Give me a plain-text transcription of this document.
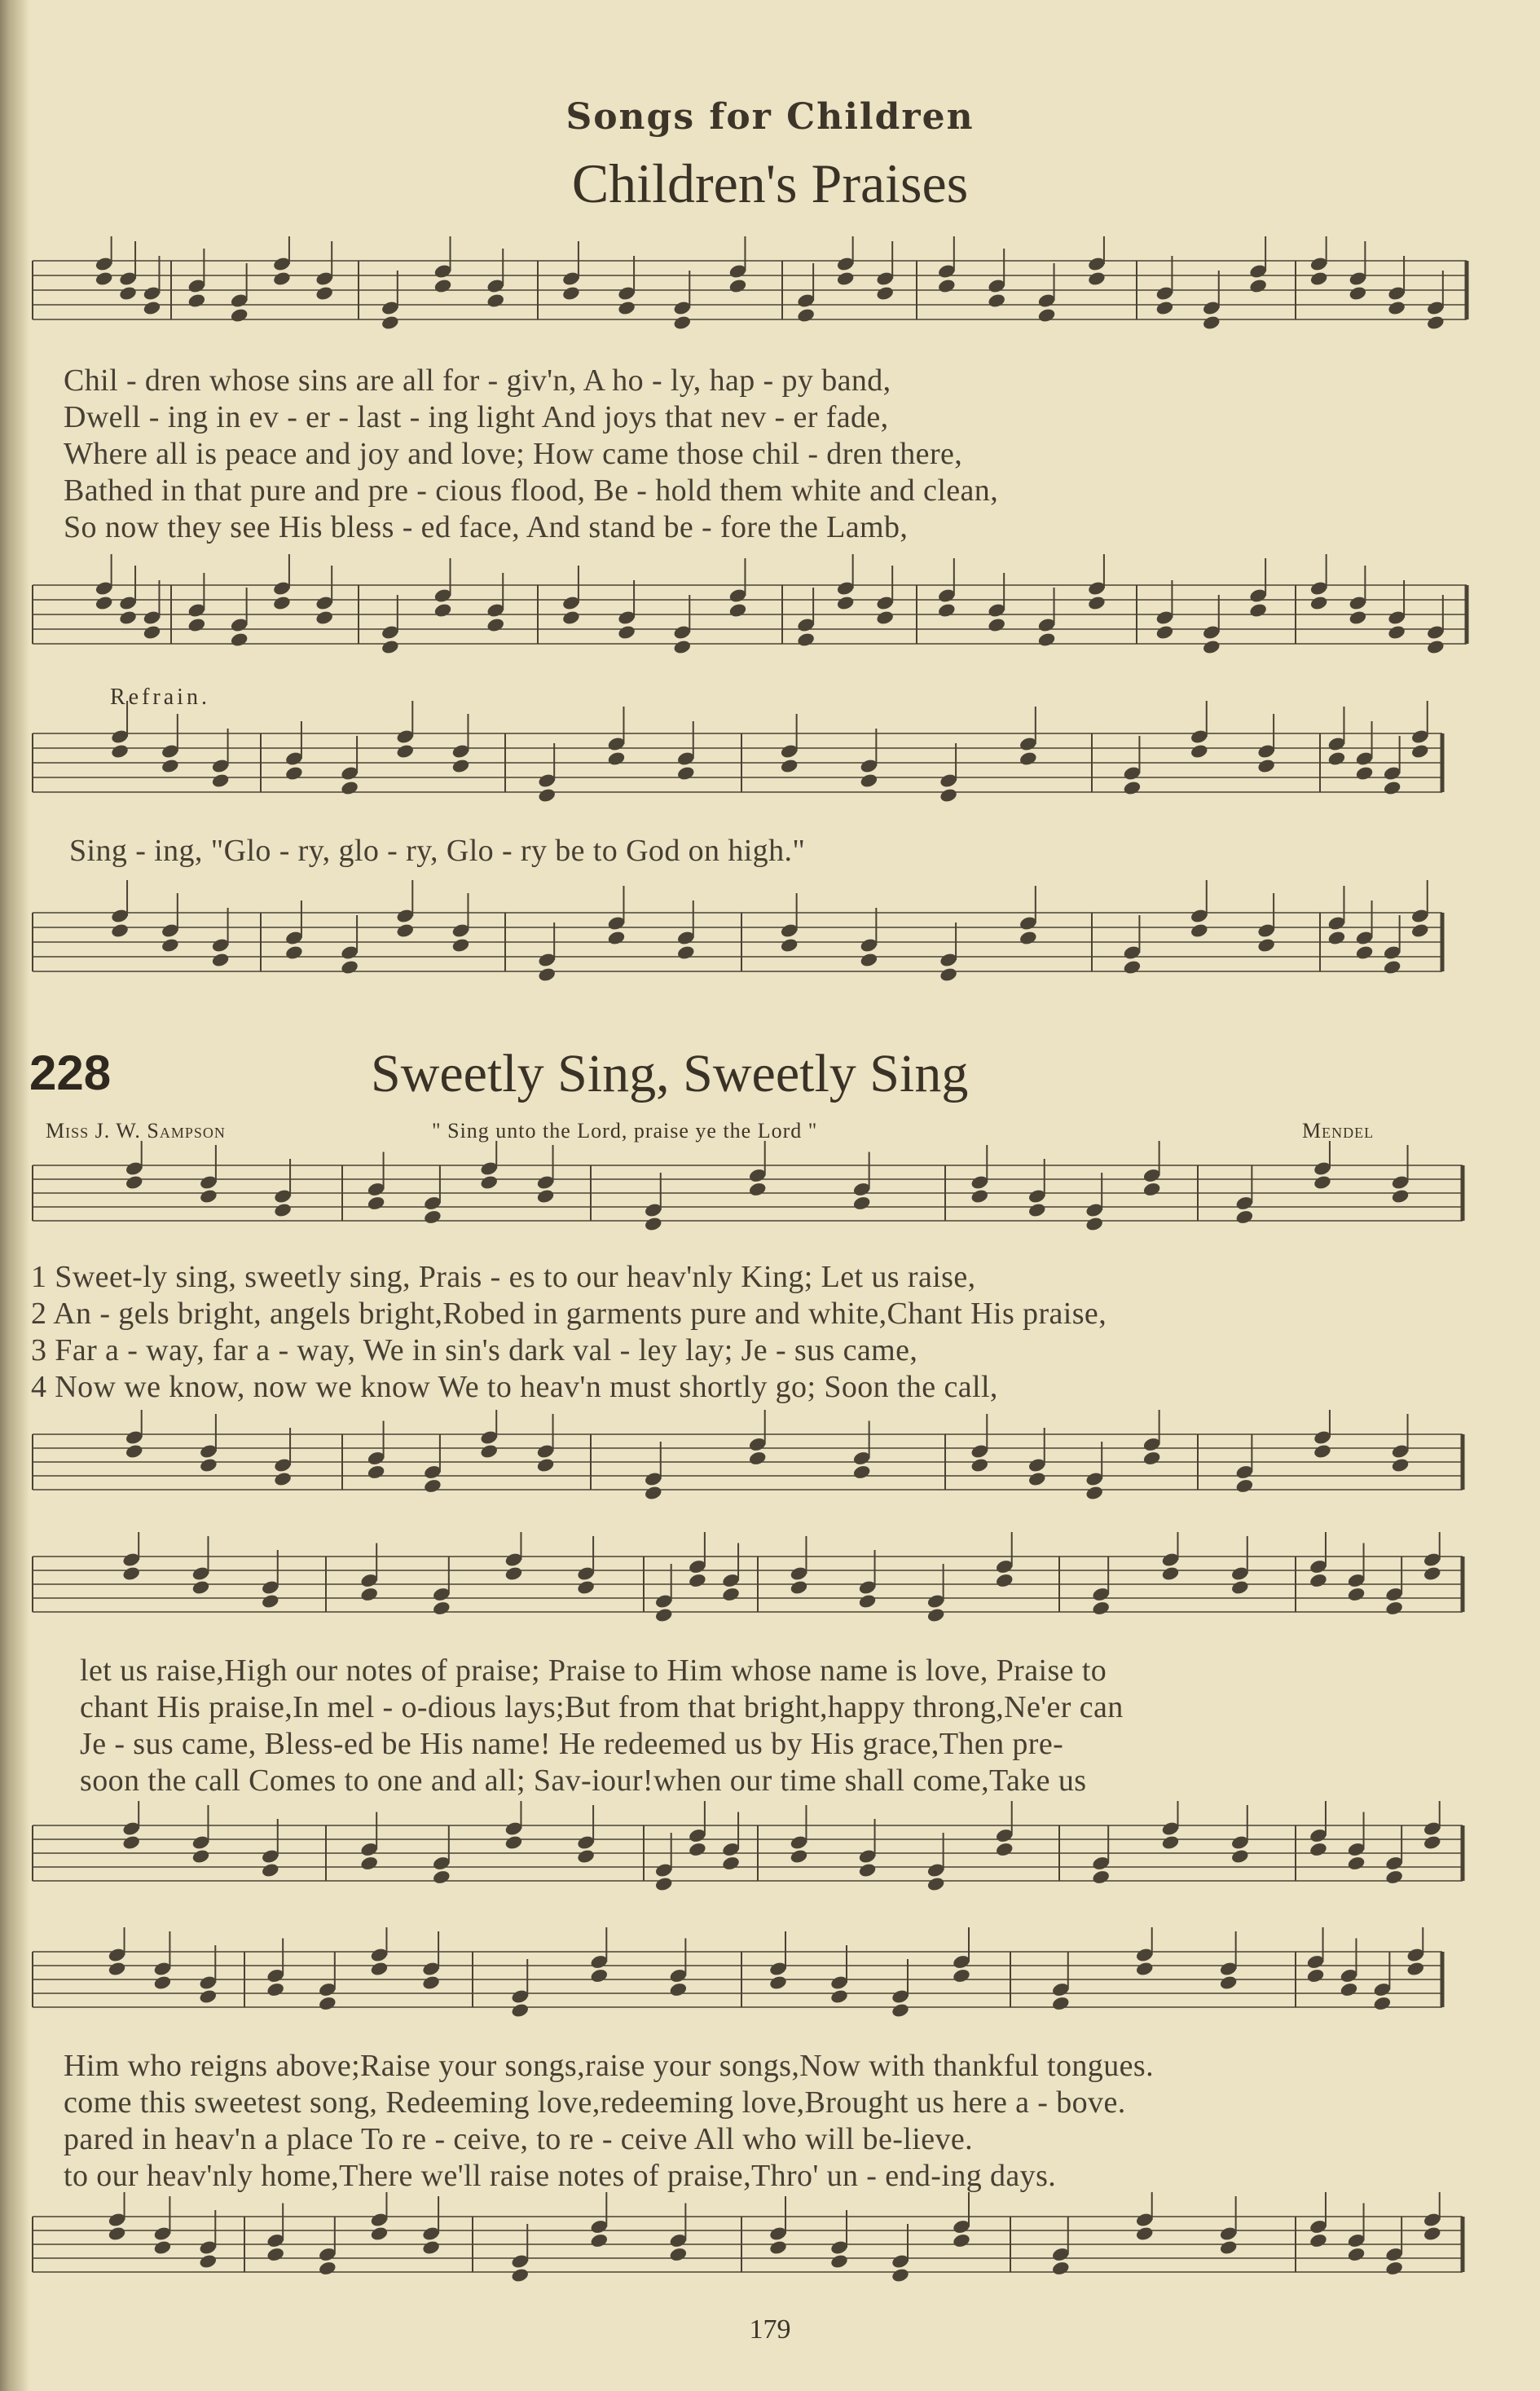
Songs for Children
Children's Praises
Chil - dren whose sins are all for - giv'n, A ho - ly, hap - py band,
Dwell - ing in ev - er - last - ing light And joys that nev - er fade,
Where all is peace and joy and love; How came those chil - dren there,
Bathed in that pure and pre - cious flood, Be - hold them white and clean,
So now they see His bless - ed face, And stand be - fore the Lamb,
Refrain.
Sing - ing, "Glo - ry, glo - ry, Glo - ry be to God on high."
228	Sweetly Sing, Sweetly Sing
Miss J. W. Sampson	" Sing unto the Lord, praise ye the Lord "	Mendel
1 Sweet-ly sing, sweetly sing, Prais - es to our heav'nly King; Let us raise,
2 An - gels bright, angels bright,Robed in garments pure and white,Chant His praise,
3 Far a - way, far a - way, We in sin's dark val - ley lay; Je - sus came,
4 Now we know, now we know We to heav'n must shortly go; Soon the call,
let us raise,High our notes of praise; Praise to Him whose name is love, Praise to
chant His praise,In mel - o-dious lays;But from that bright,happy throng,Ne'er can
Je - sus came, Bless-ed be His name! He redeemed us by His grace,Then pre-
soon the call Comes to one and all; Sav-iour!when our time shall come,Take us
Him who reigns above;Raise your songs,raise your songs,Now with thankful tongues.
come this sweetest song, Redeeming love,redeeming love,Brought us here a - bove.
pared in heav'n a place To re - ceive, to re - ceive All who will be-lieve.
to our heav'nly home,There we'll raise notes of praise,Thro' un - end-ing days.
179
